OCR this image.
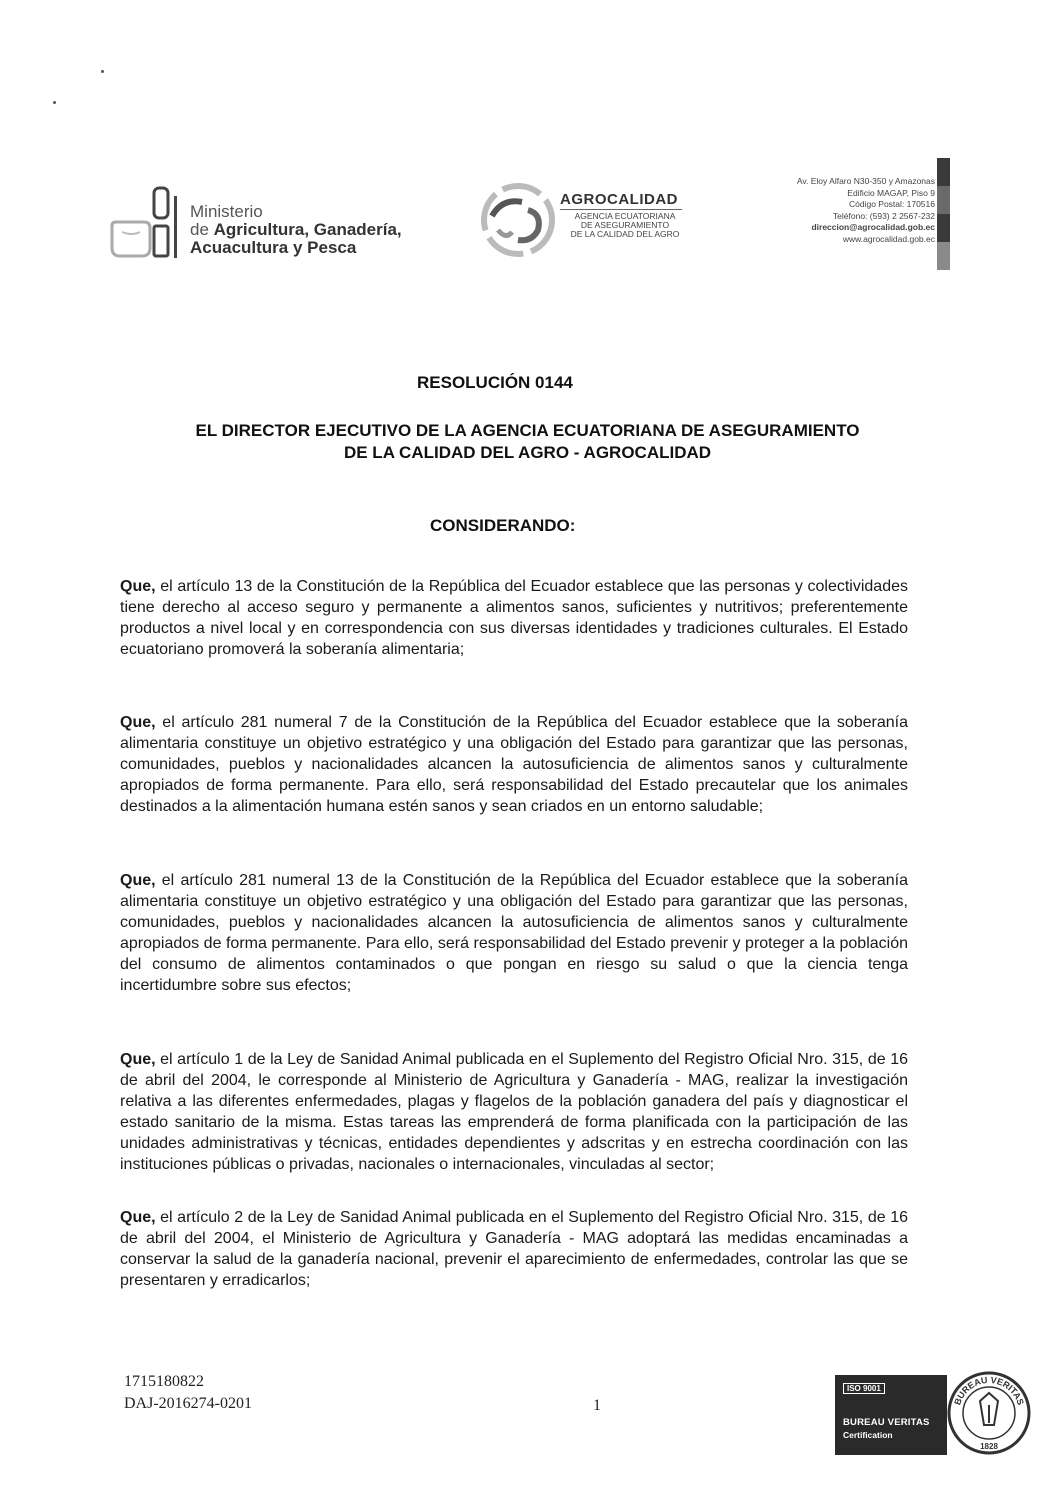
Ministerio
de Agricultura, Ganadería,
Acuacultura y Pesca
AGROCALIDAD
AGENCIA ECUATORIANA
DE ASEGURAMIENTO
DE LA CALIDAD DEL AGRO
Av. Eloy Alfaro N30-350 y Amazonas
Edificio MAGAP, Piso 9
Código Postal: 170516
Teléfono: (593) 2 2567-232
direccion@agrocalidad.gob.ec
www.agrocalidad.gob.ec
RESOLUCIÓN 0144
EL DIRECTOR EJECUTIVO DE LA AGENCIA ECUATORIANA DE ASEGURAMIENTO
DE LA CALIDAD DEL AGRO - AGROCALIDAD
CONSIDERANDO:

Que, el artículo 13 de la Constitución de la República del Ecuador establece que las personas y colectividades tiene derecho al acceso seguro y permanente a alimentos sanos, suficientes y nutritivos; preferentemente productos a nivel local y en correspondencia con sus diversas identidades y tradiciones culturales. El Estado ecuatoriano promoverá la soberanía alimentaria;

Que, el artículo 281 numeral 7 de la Constitución de la República del Ecuador establece que la soberanía alimentaria constituye un objetivo estratégico y una obligación del Estado para garantizar que las personas, comunidades, pueblos y nacionalidades alcancen la autosuficiencia de alimentos sanos y culturalmente apropiados de forma permanente. Para ello, será responsabilidad del Estado precautelar que los animales destinados a la alimentación humana estén sanos y sean criados en un entorno saludable;

Que, el artículo 281 numeral 13 de la Constitución de la República del Ecuador establece que la soberanía alimentaria constituye un objetivo estratégico y una obligación del Estado para garantizar que las personas, comunidades, pueblos y nacionalidades alcancen la autosuficiencia de alimentos sanos y culturalmente apropiados de forma permanente. Para ello, será responsabilidad del Estado prevenir y proteger a la población del consumo de alimentos contaminados o que pongan en riesgo su salud o que la ciencia tenga incertidumbre sobre sus efectos;

Que, el artículo 1 de la Ley de Sanidad Animal publicada en el Suplemento del Registro Oficial Nro. 315, de 16 de abril del 2004, le corresponde al Ministerio de Agricultura y Ganadería - MAG, realizar la investigación relativa a las diferentes enfermedades, plagas y flagelos de la población ganadera del país y diagnosticar el estado sanitario de la misma. Estas tareas las emprenderá de forma planificada con la participación de las unidades administrativas y técnicas, entidades dependientes y adscritas y en estrecha coordinación con las instituciones públicas o privadas, nacionales o internacionales, vinculadas al sector;

Que, el artículo 2 de la Ley de Sanidad Animal publicada en el Suplemento del Registro Oficial Nro. 315, de 16 de abril del 2004, el Ministerio de Agricultura y Ganadería - MAG adoptará las medidas encaminadas a conservar la salud de la ganadería nacional, prevenir el aparecimiento de enfermedades, controlar las que se presentaren y erradicarlos;

1715180822
DAJ-2016274-0201	1
ISO 9001
BUREAU VERITAS
Certification
BUREAU VERITAS
1828
